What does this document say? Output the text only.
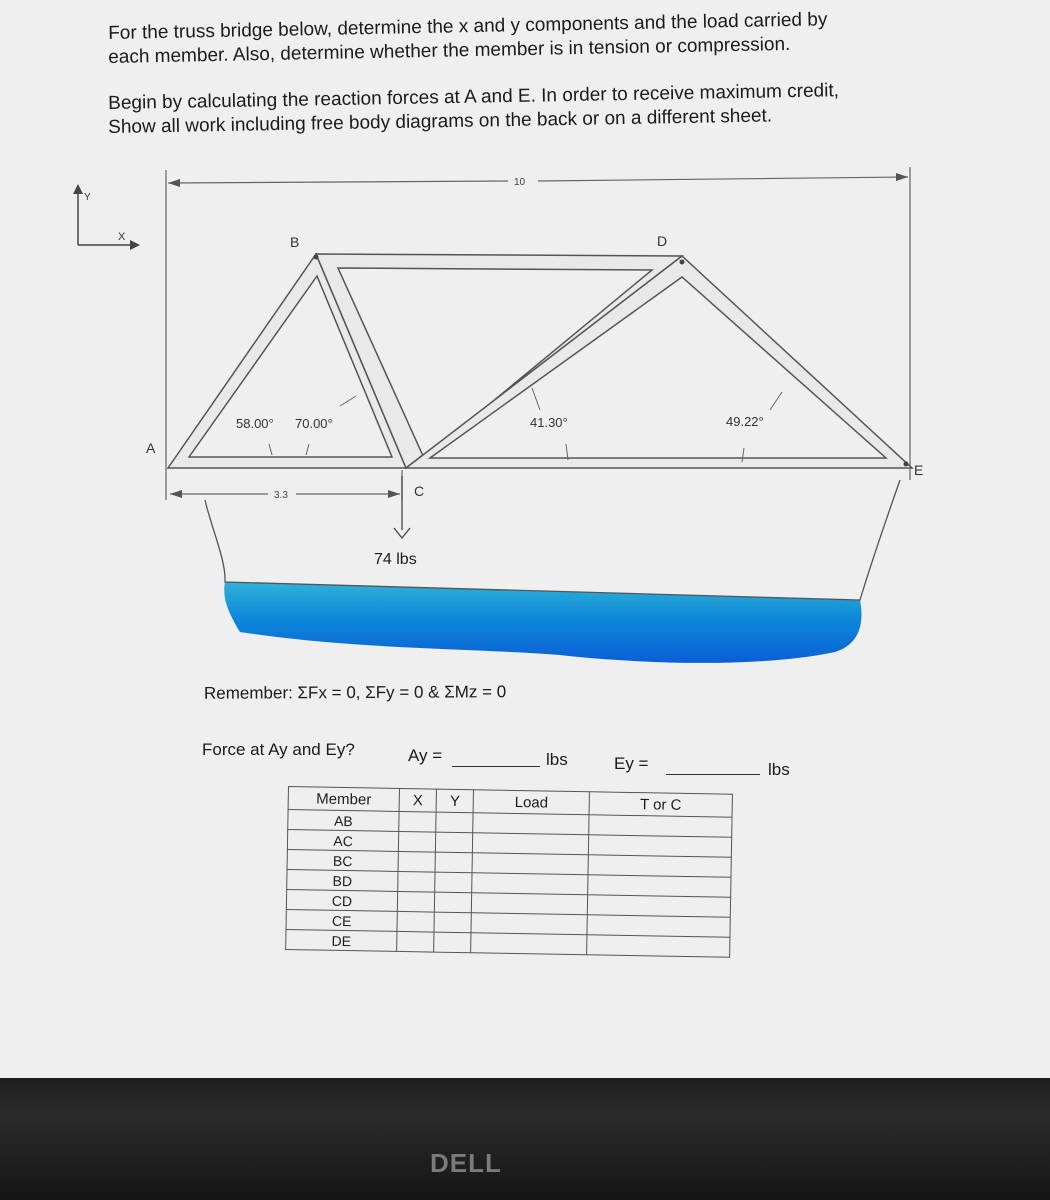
For the truss bridge below, determine the x and y components and the load carried by
each member. Also, determine whether the member is in tension or compression.
Begin by calculating the reaction forces at A and E. In order to receive maximum credit,
Show all work including free body diagrams on the back or on a different sheet.
Y
X
10
3.3
B	D
A
C
E
58.00° 70.00°	41.30°	49.22°
74 lbs
Remember: ΣFx = 0, ΣFy = 0 & ΣMz = 0
Force at Ay and Ey?	Ay =	lbs	Ey =	lbs
Member	X	Y	Load	T or C
AB				
AC				
BC				
BD				
CD				
CE				
DE				
DELL
